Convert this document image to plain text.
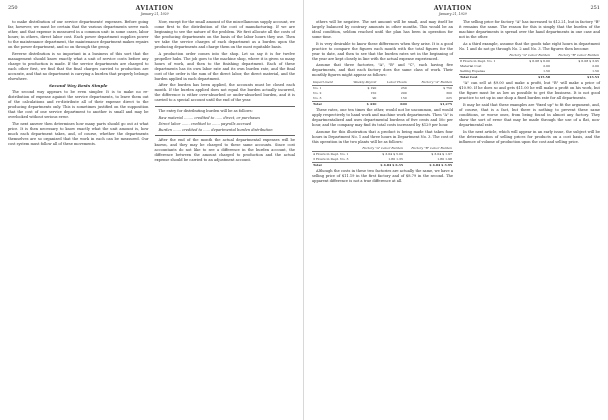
250	AVIATION
January 21, 1929

to make distribution of our service departments' expenses. Before going far, however, we must be certain that the various departments serve each other, and that expense is measured in a common unit: in some cases, labor hours; in others, direct labor cost. Each power department supplies power to the maintenance department, the maintenance department makes repairs on the power department, and so on through the group.

Reverse distribution is so important in a business of this sort that the management should know exactly what a unit of service costs before any charge to production is made. If the service departments are charged to each other first, we find that the final charges carried to production are accurate, and that no department is carrying a burden that properly belongs elsewhere.

Second Way Rests Simple

The second way appears to be even simpler. It is to make no re-distribution of expense against the service departments, to leave them out of the calculations and re-distribute all of their expense direct to the producing departments only. This is sometimes justified on the supposition that the cost of one service department to another is small and may be overlooked without serious error.

The next answer then determines how many parts should go out at what price. It is then necessary to know exactly what the unit amount is, how much each department takes, and, of course, whether the departments themselves are so organized that the work in each can be measured. Our cost system must follow all of these movements.

Now, except for the small amount of the miscellaneous supply account, we come first to the distribution of the cost of manufacturing. If we are beginning to see the nature of the problem. We first allocate all the costs of the producing departments on the basis of the labor hours they use. Then we take the service charges of each department as a burden upon the producing departments and charge them on the most equitable basis.

A production order comes into the shop. Let us say it is for twelve propeller hubs. The job goes to the machine shop, where it is given so many hours of work, and then to the finishing department. Each of these departments has its own labor rate and its own burden rate, and the final cost of the order is the sum of the direct labor, the direct material, and the burden applied in each department.

After the burden has been applied, the accounts must be closed each month. If the burden applied does not equal the burden actually incurred, the difference is either over-absorbed or under-absorbed burden, and it is carried to a special account until the end of the year.

The entry for distributing burden will be as follows:

Raw material ........ credited to ...... direct, or purchases
Direct labor ....... credited to ....... payrolls accrued
Burden ....... credited to ...... departmental burden distribution

After the end of the month the actual departmental expenses will be known, and they may be charged to these same accounts. Since cost accountants do not like to see a difference in the burden account, the difference between the amount charged to production and the actual expense should be carried to an adjustment account.

AVIATION
January 21, 1929
251

others will be negative. The net amount will be small, and may itself be largely balanced by contrary amounts in other months. This would be an ideal condition, seldom reached until the plan has been in operation for some time.

It is very desirable to know these differences when they arise. It is a good practice to compare the figures each month with the total figures for the year to date, and then to see that the burden rates set in the beginning of the year are kept closely in line with the actual expense experienced.

Assume that three factories, "A", "B" and "C", each having five departments, and that each factory does the same class of work. Their monthly figures might appear as follows:

Depart-ment	Weekly Payroll	Labor Hours	Factory "A" Burden
No. 1	$ 190	250	$ 750
No. 2	150	200	300
No. 3	90	150	225
Total	$ 430	600	$1,275

These rates, one ten times the other, would not be uncommon, and would apply respectively to hand work and machine work departments. Then "A" is departmentalized and uses departmental burdens of five cents and 50c per hour, and the company may find its total costs increased by $129 per hour.

Assume for this illustration that a product is being made that takes four hours in Department No. 1 and three hours in Department No. 3. The cost of this operation in the two plants will be as follows:

	Factory "A" Labor Burden	Factory "B" Labor Burden
4 Hours in Dept. No. 1	$ 3.04 $ 5.00	$ 3.04 $ 1.97
3 Hours in Dept. No. 3	1.80 1.35	1.80 1.98
Total	$ 4.84 $ 6.35	$ 4.84 $ 3.95

Although the costs in these two factories are actually the same, we have a selling price of $11.19 in the first factory and of $8.79 in the second. The apparent difference is not a true difference at all.

The selling price for factory "A" has increased to $12.21, but in factory "B" it remains the same. The reason for this is simply that the burden of the machine departments is spread over the hand departments in one case and not in the other.

As a third example, assume that the goods take eight hours in department No. 1 and do not go through No. 2 and No. 3. The figures then become:

	Factory "A" Labor Burden	Factory "B" Labor Burden
8 Hours in Dept. No. 1	$ 6.08 $ 6.00	$ 6.08 $ 3.95
Material Cost	2.00	2.00
Selling Expense	1.50	1.50
Total Cost	$15.58	$13.53

"A" can sell at $9.00 and make a profit, but "B" will make a price of $10.90. If he does so and gets $11.00 he will make a profit on his work, but the figure must be as low as possible to get the business. It is not good practice to set up in one shop a fixed burden rate for all departments.

It may be said that these examples are "fixed up" to fit the argument, and, of course, that is a fact, but there is nothing to prevent these same conditions, or worse ones, from being found in almost any factory. They show the sort of error that may be made through the use of a flat, non-departmental rate.

In the next article, which will appear in an early issue, the subject will be the determination of selling prices for products on a cost basis, and the influence of volume of production upon the cost and selling price.
